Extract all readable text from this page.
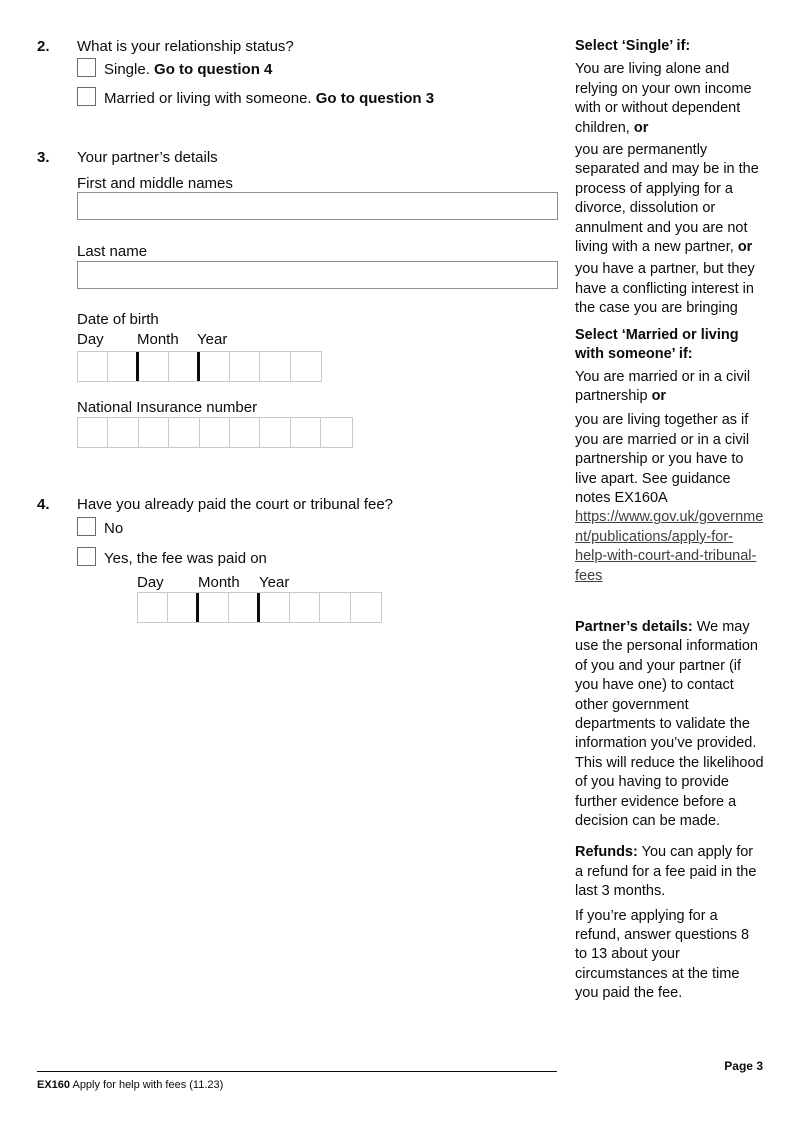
2. What is your relationship status?
Single. Go to question 4
Married or living with someone. Go to question 3
3. Your partner’s details
First and middle names
Last name
Date of birth
Day Month Year
National Insurance number
4. Have you already paid the court or tribunal fee?
No
Yes, the fee was paid on
Day Month Year

Select ‘Single’ if:

You are living alone and relying on your own income with or without dependent children, or

you are permanently separated and may be in the process of applying for a divorce, dissolution or annulment and you are not living with a new partner, or

you have a partner, but they have a conflicting interest in the case you are bringing

Select ‘Married or living with someone’ if:

You are married or in a civil partnership or

you are living together as if you are married or in a civil partnership or you have to live apart. See guidance notes EX160A https://www.gov.uk/government/publications/apply-for-help-with-court-and-tribunal-fees

Partner’s details: We may use the personal information of you and your partner (if you have one) to contact other government departments to validate the information you’ve provided. This will reduce the likelihood of you having to provide further evidence before a decision can be made.

Refunds: You can apply for a refund for a fee paid in the last 3 months.

If you’re applying for a refund, answer questions 8 to 13 about your circumstances at the time you paid the fee.

EX160 Apply for help with fees (11.23)
Page 3
